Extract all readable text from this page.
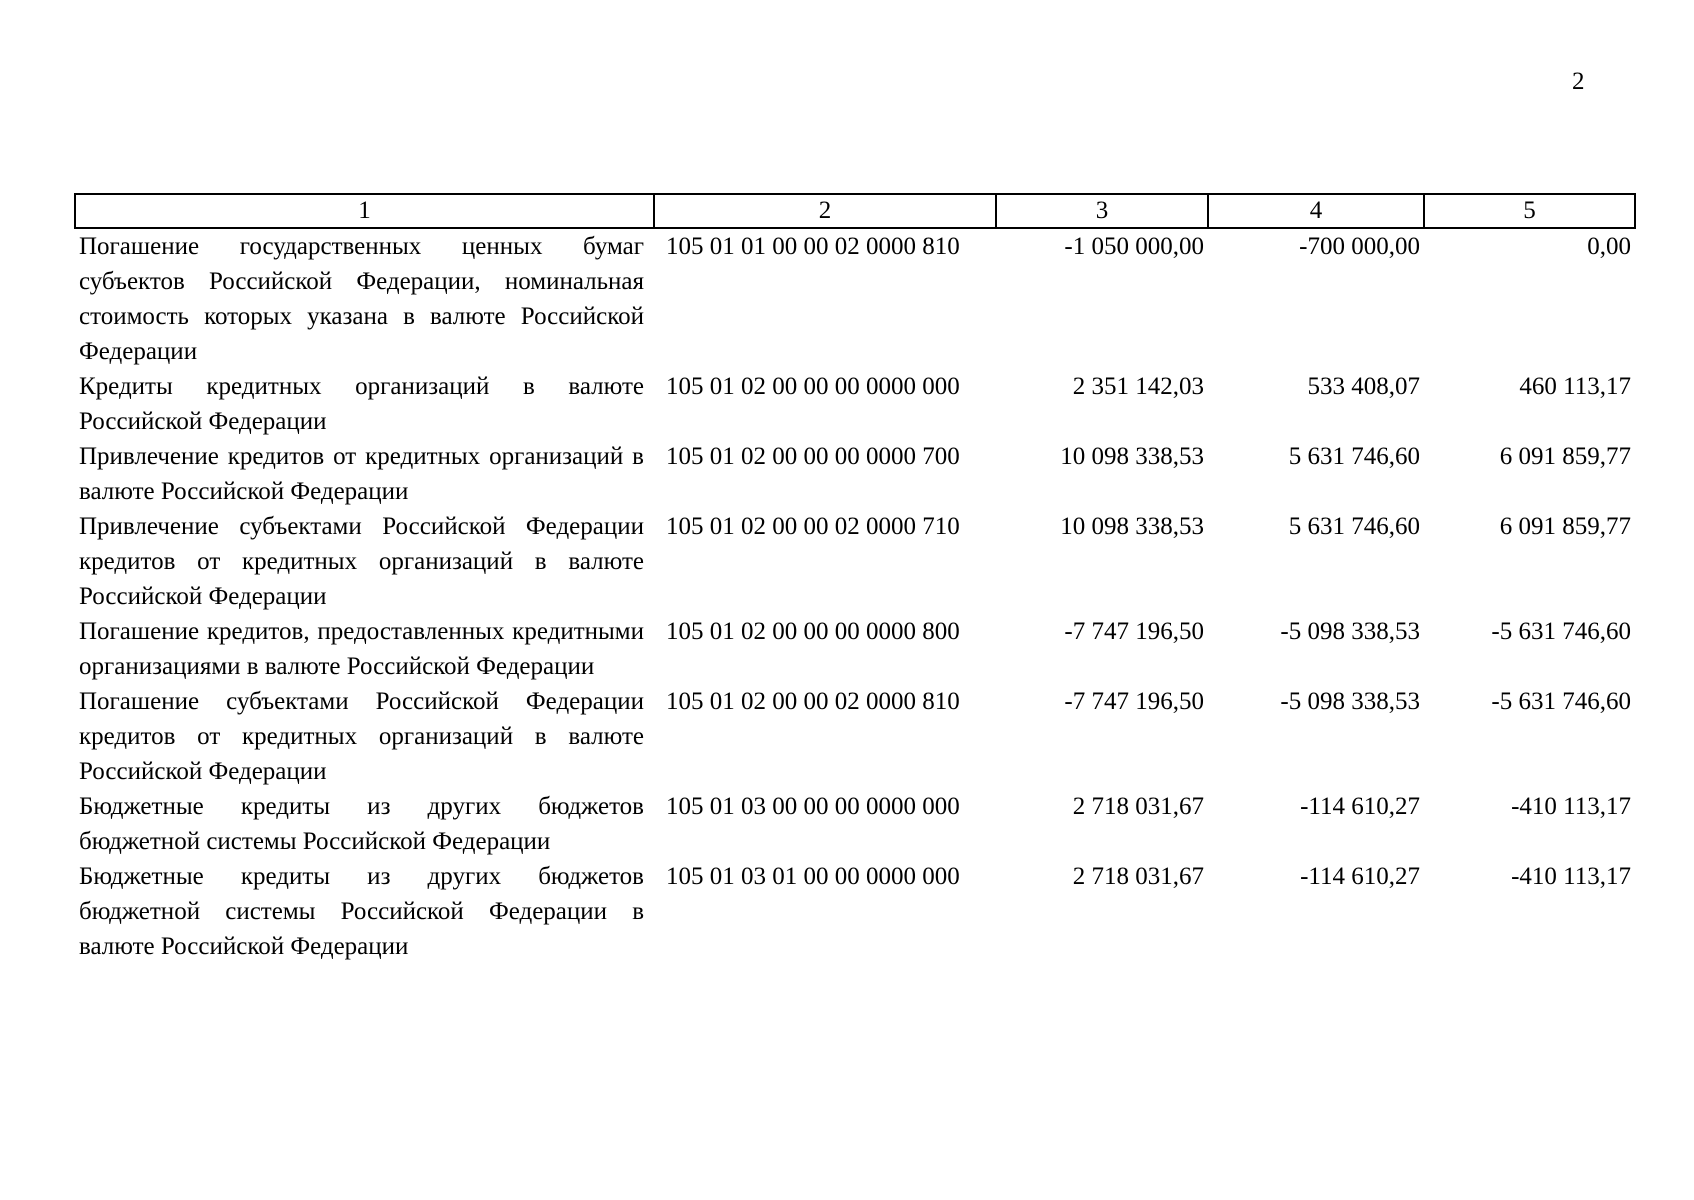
2
1	2	3	4	5
Погашение государственных ценных бумаг субъектов Российской Федерации, номинальная стоимость которых указана в валюте Российской Федерации	105 01 01 00 00 02 0000 810	-1 050 000,00	-700 000,00	0,00
Кредиты кредитных организаций в валюте Российской Федерации	105 01 02 00 00 00 0000 000	2 351 142,03	533 408,07	460 113,17
Привлечение кредитов от кредитных организаций в валюте Российской Федерации	105 01 02 00 00 00 0000 700	10 098 338,53	5 631 746,60	6 091 859,77
Привлечение субъектами Российской Федерации кредитов от кредитных организаций в валюте Российской Федерации	105 01 02 00 00 02 0000 710	10 098 338,53	5 631 746,60	6 091 859,77
Погашение кредитов, предоставленных кредитными организациями в валюте Российской Федерации	105 01 02 00 00 00 0000 800	-7 747 196,50	-5 098 338,53	-5 631 746,60
Погашение субъектами Российской Федерации кредитов от кредитных организаций в валюте Российской Федерации	105 01 02 00 00 02 0000 810	-7 747 196,50	-5 098 338,53	-5 631 746,60
Бюджетные кредиты из других бюджетов бюджетной системы Российской Федерации	105 01 03 00 00 00 0000 000	2 718 031,67	-114 610,27	-410 113,17
Бюджетные кредиты из других бюджетов бюджетной системы Российской Федерации в валюте Российской Федерации	105 01 03 01 00 00 0000 000	2 718 031,67	-114 610,27	-410 113,17
